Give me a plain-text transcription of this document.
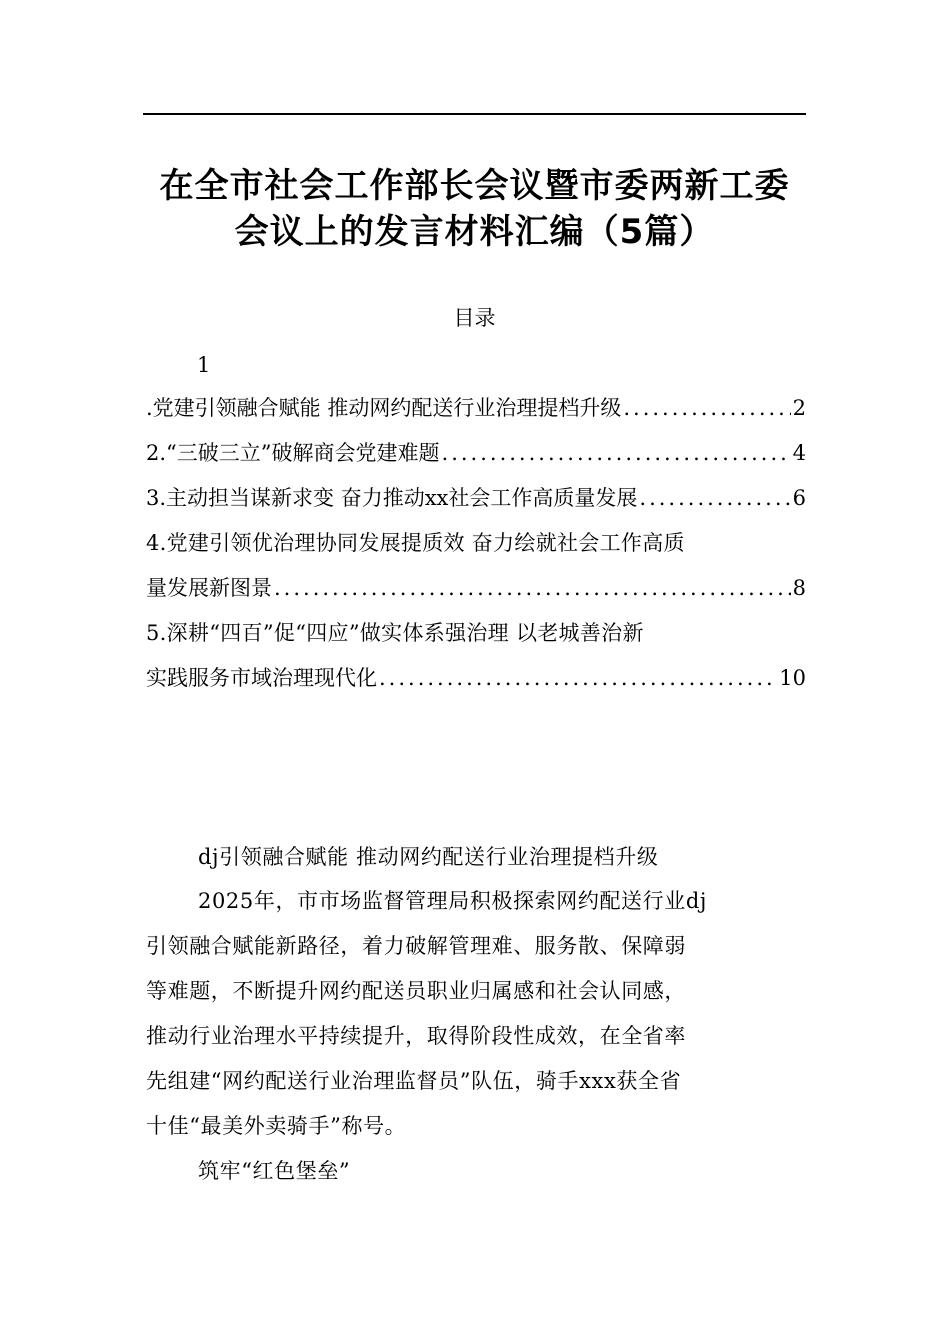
在全市社会工作部长会议暨市委两新工委
会议上的发言材料汇编（5篇）
目录
1
.党建引领融合赋能 推动网约配送行业治理提档升级 .....	2
2.“三破三立”破解商会党建难题 .....	4
3.主动担当谋新求变 奋力推动xx社会工作高质量发展 .....	6
4.党建引领优治理协同发展提质效 奋力绘就社会工作高质
量发展新图景 .....	8
5.深耕“四百”促“四应”做实体系强治理 以老城善治新
实践服务市域治理现代化 .....	10
dj引领融合赋能 推动网约配送行业治理提档升级
2025年，市市场监督管理局积极探索网约配送行业dj
引领融合赋能新路径，着力破解管理难、服务散、保障弱
等难题，不断提升网约配送员职业归属感和社会认同感，
推动行业治理水平持续提升，取得阶段性成效，在全省率
先组建“网约配送行业治理监督员”队伍，骑手xxx获全省
十佳“最美外卖骑手”称号。
筑牢“红色堡垒”
